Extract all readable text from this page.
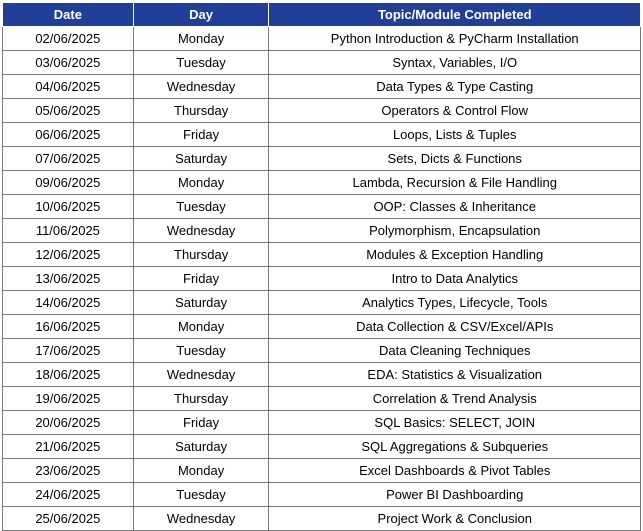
Date	Day	Topic/Module Completed
02/06/2025	Monday	Python Introduction & PyCharm Installation
03/06/2025	Tuesday	Syntax, Variables, I/O
04/06/2025	Wednesday	Data Types & Type Casting
05/06/2025	Thursday	Operators & Control Flow
06/06/2025	Friday	Loops, Lists & Tuples
07/06/2025	Saturday	Sets, Dicts & Functions
09/06/2025	Monday	Lambda, Recursion & File Handling
10/06/2025	Tuesday	OOP: Classes & Inheritance
11/06/2025	Wednesday	Polymorphism, Encapsulation
12/06/2025	Thursday	Modules & Exception Handling
13/06/2025	Friday	Intro to Data Analytics
14/06/2025	Saturday	Analytics Types, Lifecycle, Tools
16/06/2025	Monday	Data Collection & CSV/Excel/APIs
17/06/2025	Tuesday	Data Cleaning Techniques
18/06/2025	Wednesday	EDA: Statistics & Visualization
19/06/2025	Thursday	Correlation & Trend Analysis
20/06/2025	Friday	SQL Basics: SELECT, JOIN
21/06/2025	Saturday	SQL Aggregations & Subqueries
23/06/2025	Monday	Excel Dashboards & Pivot Tables
24/06/2025	Tuesday	Power BI Dashboarding
25/06/2025	Wednesday	Project Work & Conclusion
